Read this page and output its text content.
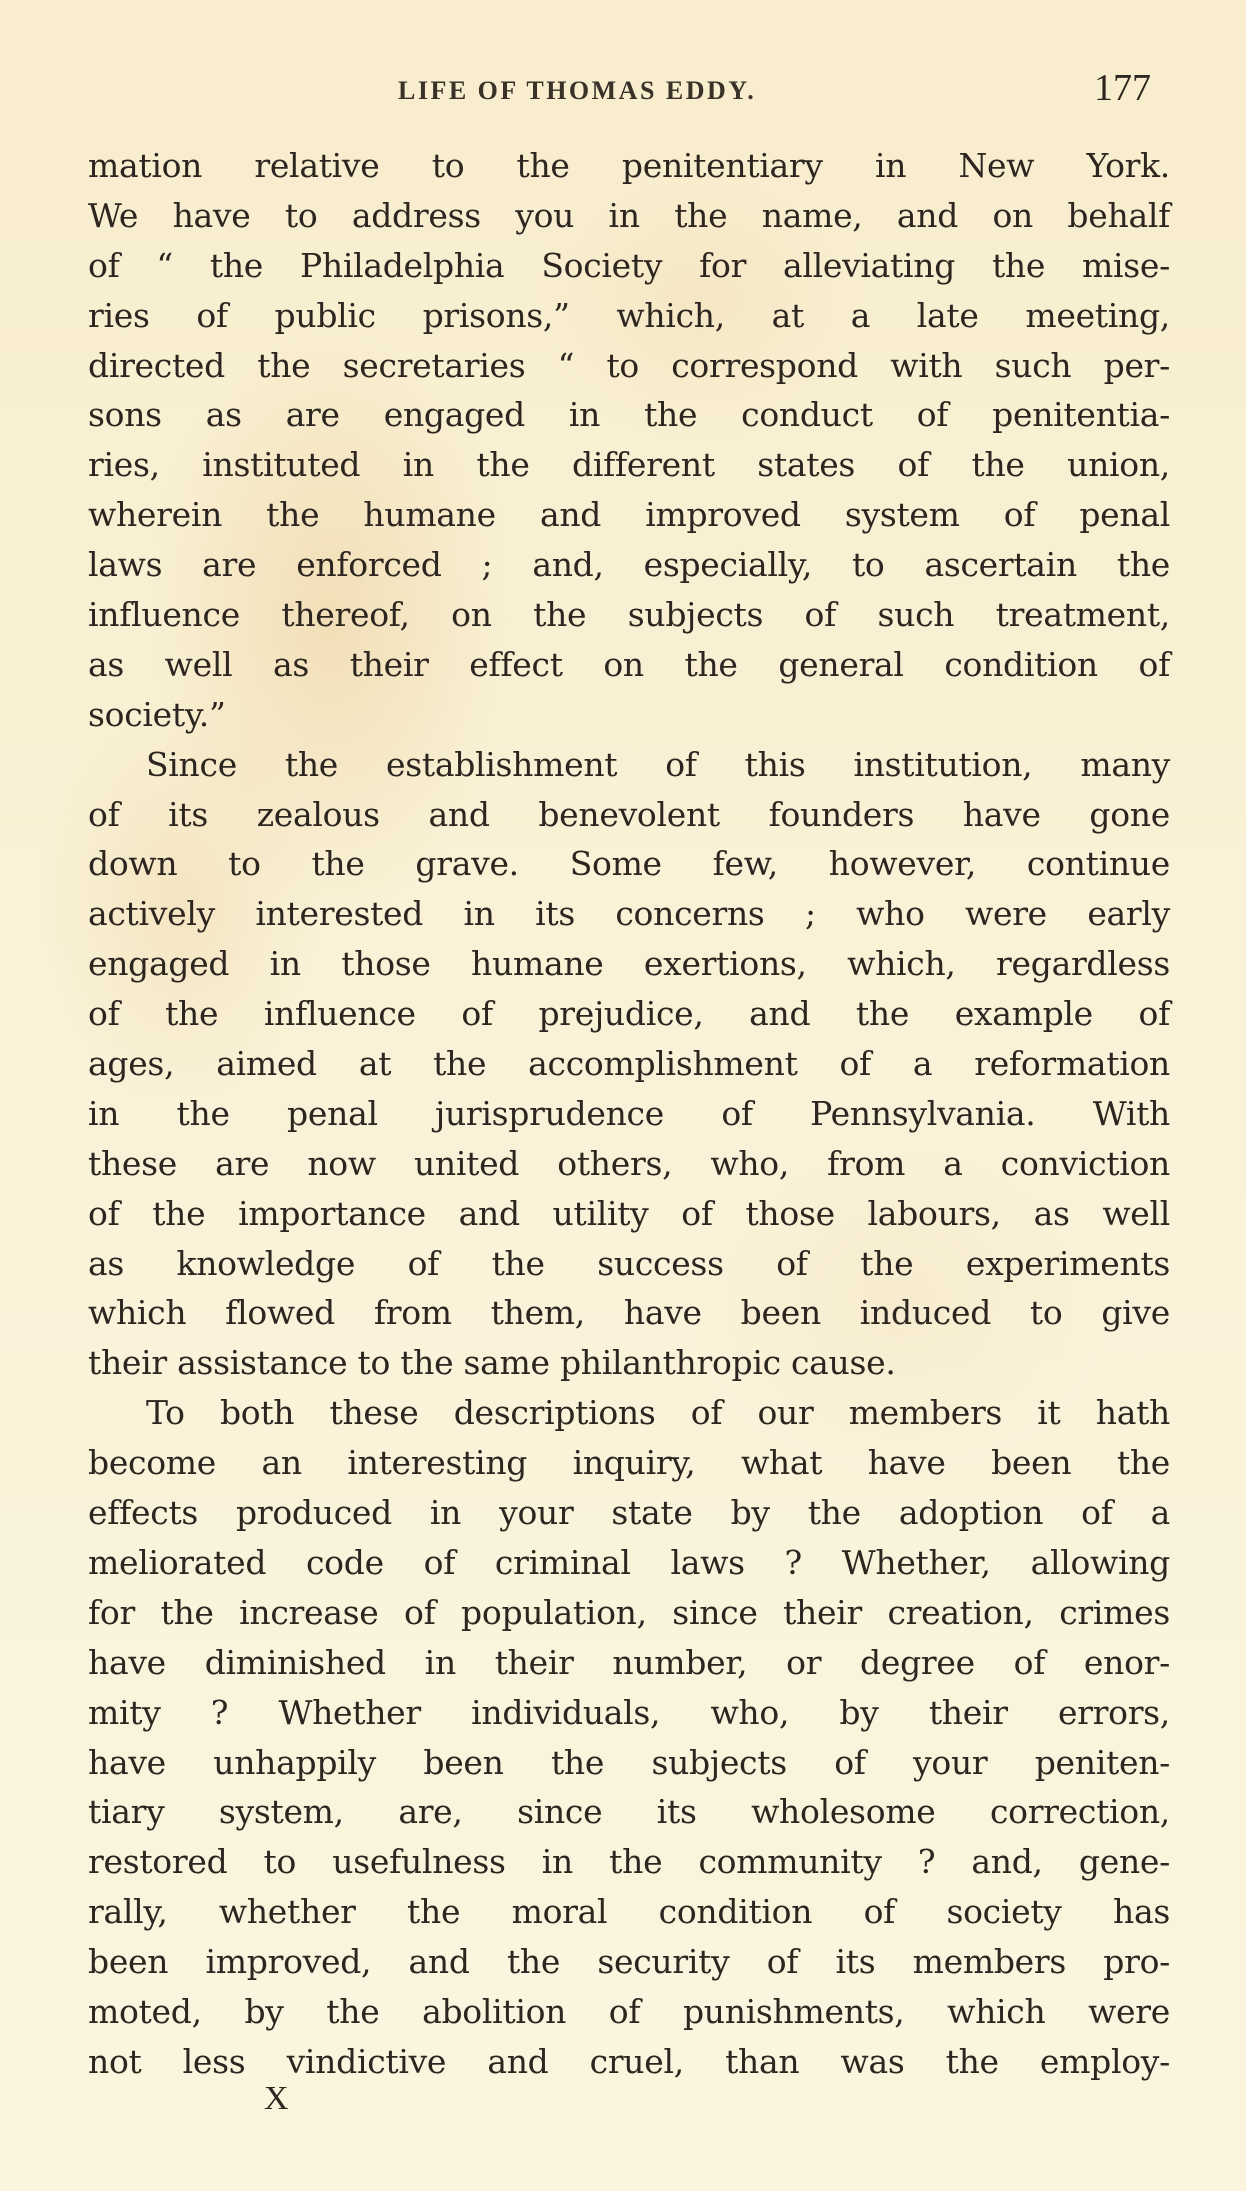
LIFE OF THOMAS EDDY.	177
mation relative to the penitentiary in New York.
We have to address you in the name, and on behalf
of “ the Philadelphia Society for alleviating the mise-
ries of public prisons,” which, at a late meeting,
directed the secretaries “ to correspond with such per-
sons as are engaged in the conduct of penitentia-
ries, instituted in the different states of the union,
wherein the humane and improved system of penal
laws are enforced ; and, especially, to ascertain the
influence thereof, on the subjects of such treatment,
as well as their effect on the general condition of
society.”
Since the establishment of this institution, many
of its zealous and benevolent founders have gone
down to the grave. Some few, however, continue
actively interested in its concerns ; who were early
engaged in those humane exertions, which, regardless
of the influence of prejudice, and the example of
ages, aimed at the accomplishment of a reformation
in the penal jurisprudence of Pennsylvania. With
these are now united others, who, from a conviction
of the importance and utility of those labours, as well
as knowledge of the success of the experiments
which flowed from them, have been induced to give
their assistance to the same philanthropic cause.
To both these descriptions of our members it hath
become an interesting inquiry, what have been the
effects produced in your state by the adoption of a
meliorated code of criminal laws ? Whether, allowing
for the increase of population, since their creation, crimes
have diminished in their number, or degree of enor-
mity ? Whether individuals, who, by their errors,
have unhappily been the subjects of your peniten-
tiary system, are, since its wholesome correction,
restored to usefulness in the community ? and, gene-
rally, whether the moral condition of society has
been improved, and the security of its members pro-
moted, by the abolition of punishments, which were
not less vindictive and cruel, than was the employ-
X
